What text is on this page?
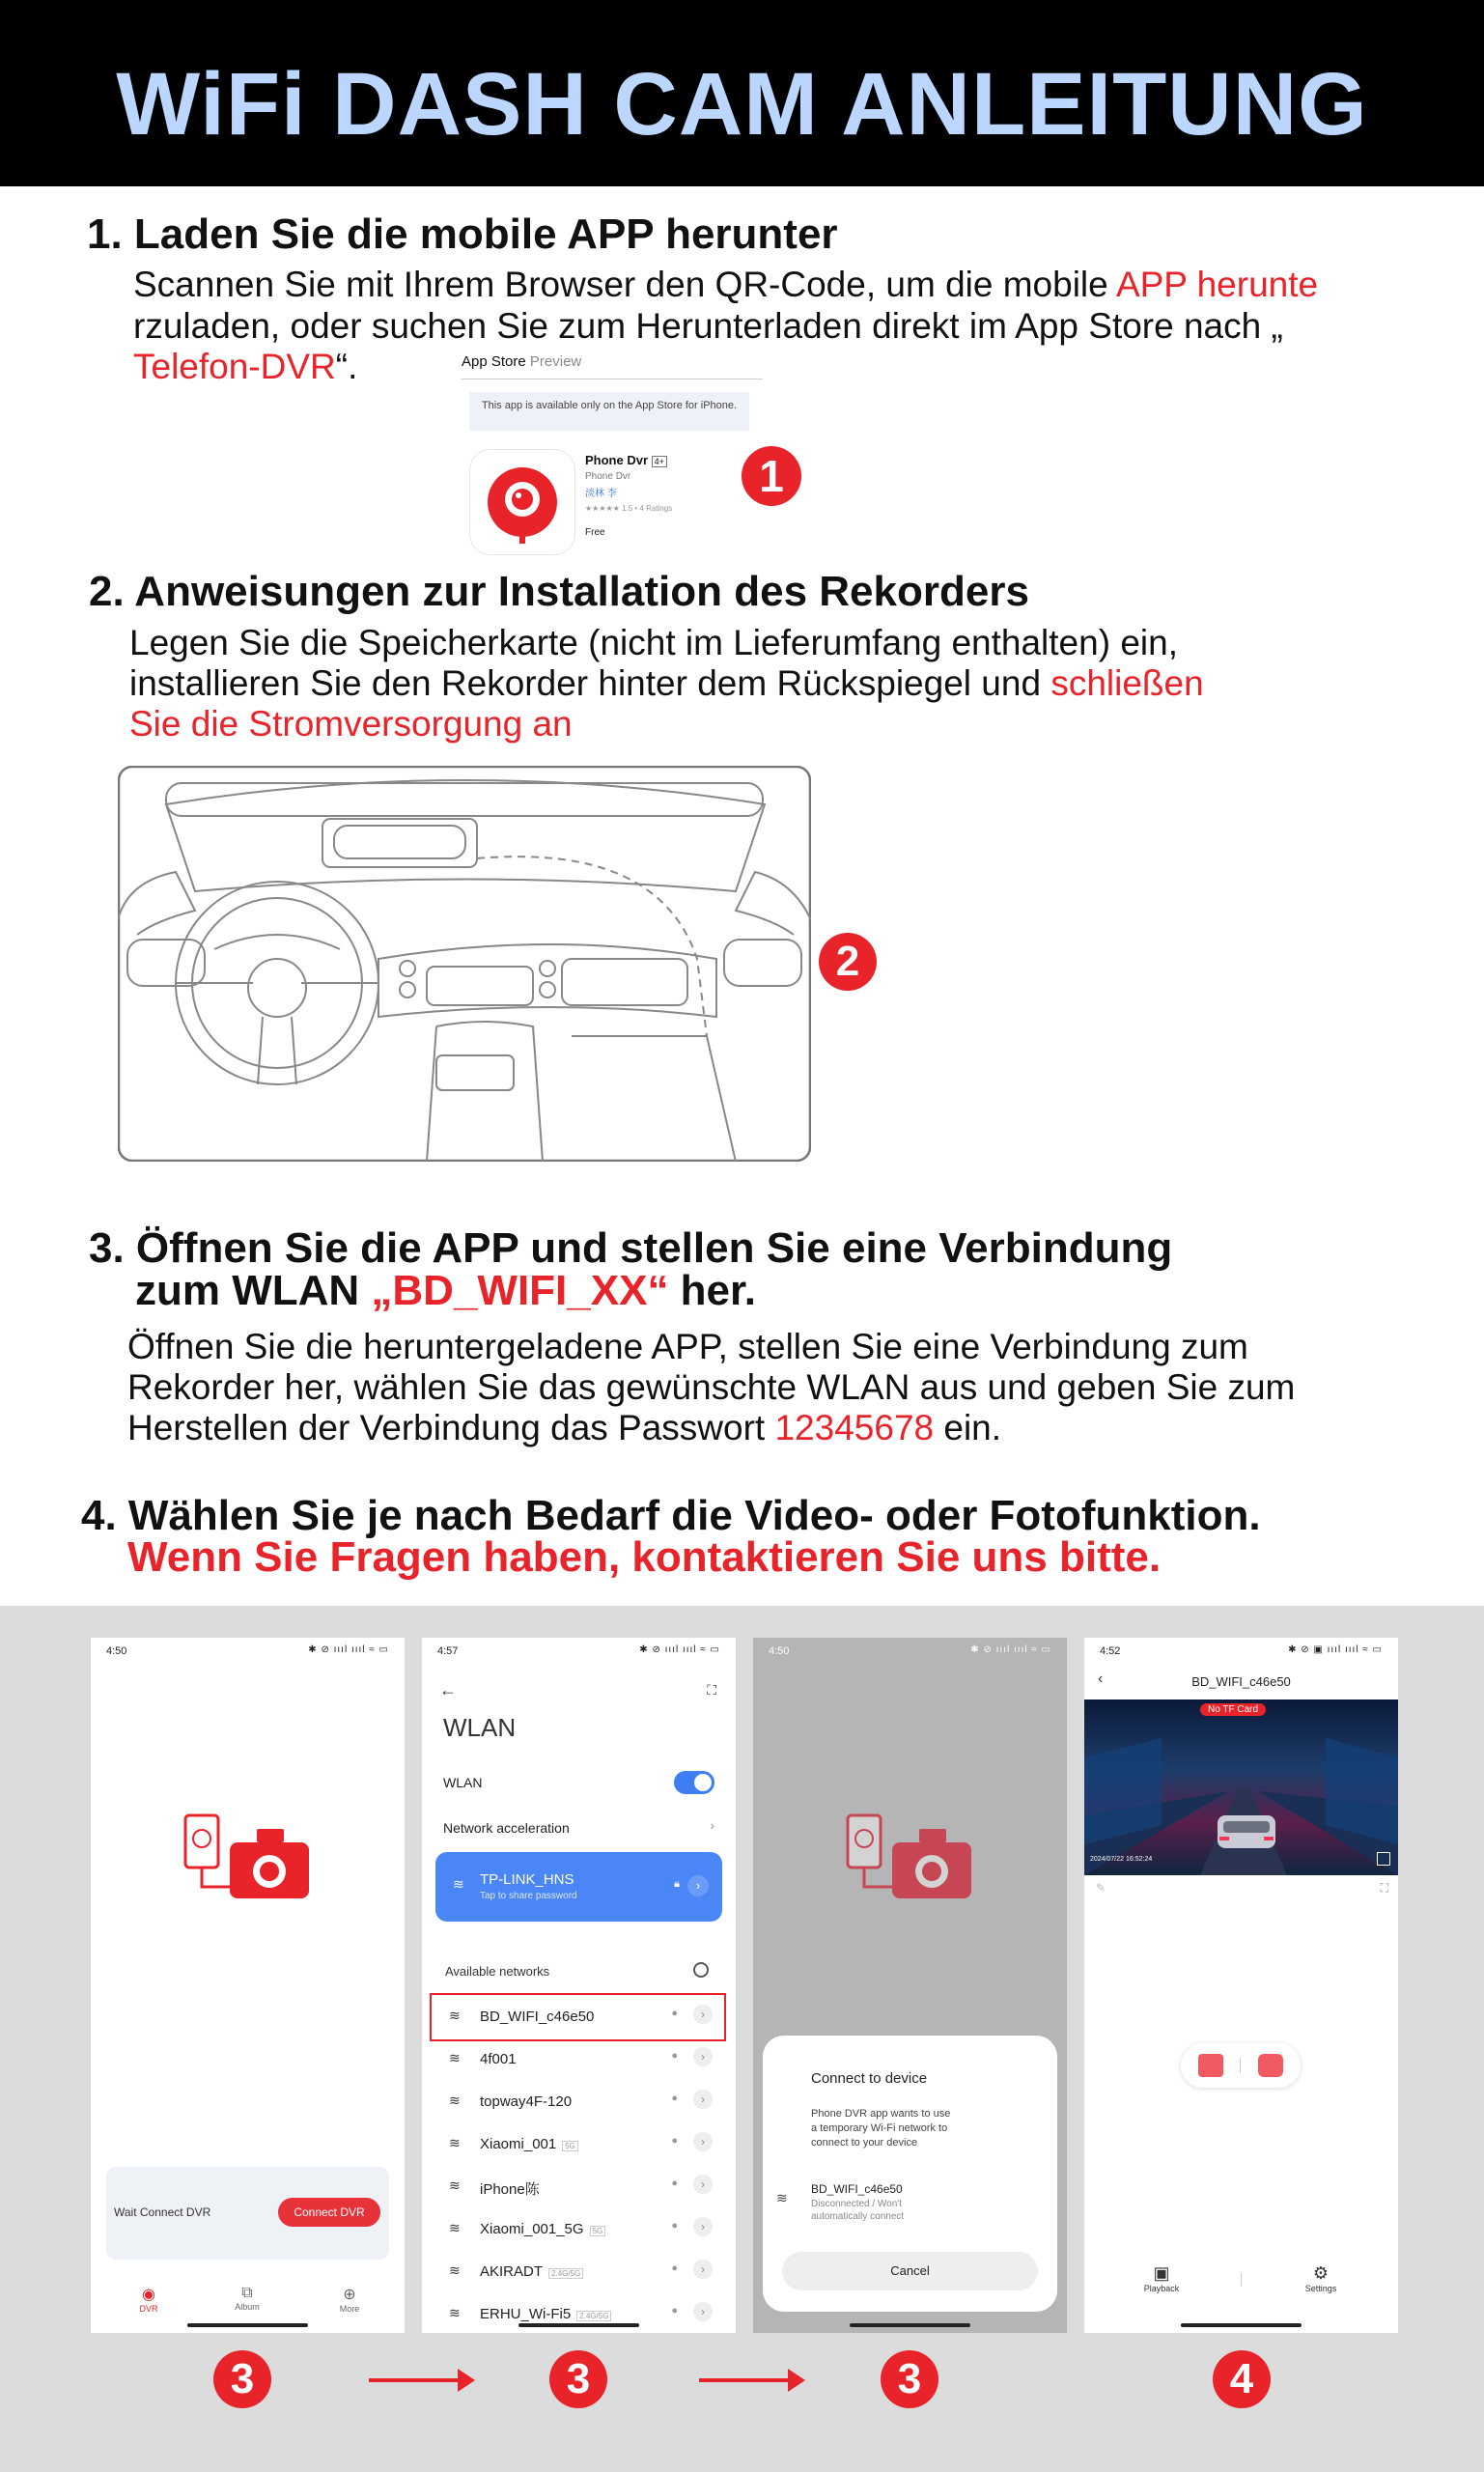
WiFi DASH CAM ANLEITUNG
1. Laden Sie die mobile APP herunter
Scannen Sie mit Ihrem Browser den QR-Code, um die mobile APP herunte
rzuladen, oder suchen Sie zum Herunterladen direkt im App Store nach „
Telefon-DVR“.	App Store Preview
This app is available only on the App Store for iPhone.
Phone Dvr 4+
Phone Dvr
淡林 李
★★★★★ 1.5 • 4 Ratings
Free
1
2. Anweisungen zur Installation des Rekorders
Legen Sie die Speicherkarte (nicht im Lieferumfang enthalten) ein,
installieren Sie den Rekorder hinter dem Rückspiegel und schließen
Sie die Stromversorgung an
2
3. Öffnen Sie die APP und stellen Sie eine Verbindung
zum WLAN „BD_WIFI_XX“ her.
Öffnen Sie die heruntergeladene APP, stellen Sie eine Verbindung zum
Rekorder her, wählen Sie das gewünschte WLAN aus und geben Sie zum
Herstellen der Verbindung das Passwort 12345678 ein.
4. Wählen Sie je nach Bedarf die Video- oder Fotofunktion.
Wenn Sie Fragen haben, kontaktieren Sie uns bitte.
4:50	✱ ⊘ ıııl ıııl ≈ ▭
Wait Connect DVR	Connect DVR
◉
DVR
⧉
Album
⊕
More
4:57	✱ ⊘ ıııl ıııl ≈ ▭
←	⛶
WLAN
WLAN
Network acceleration	›
≋ TP-LINK_HNS
Tap to share password
🔒︎	›
Available networks
≋ BD_WIFI_c46e50	●	›
≋ 4f001	●	›
≋ topway4F-120	●	›
≋ Xiaomi_001 5G	●	›
≋ iPhone陈	●	›
≋ Xiaomi_001_5G 5G	●	›
≋ AKIRADT 2.4G/5G	●	›
≋ ERHU_Wi-Fi5 2.4G/5G	●	›
4:50	✱ ⊘ ıııl ıııl ≈ ▭
Connect to device
Phone DVR app wants to use a temporary Wi-Fi network to connect to your device
≋
BD_WIFI_c46e50
Disconnected / Won't automatically connect
Cancel
4:52	✱ ⊘ ▣ ıııl ıııl ≈ ▭
‹	BD_WIFI_c46e50
No TF Card
2024/07/22 16:52:24
✎	⛶
▣
Playback
⚙︎
Settings
3	3	3	4
